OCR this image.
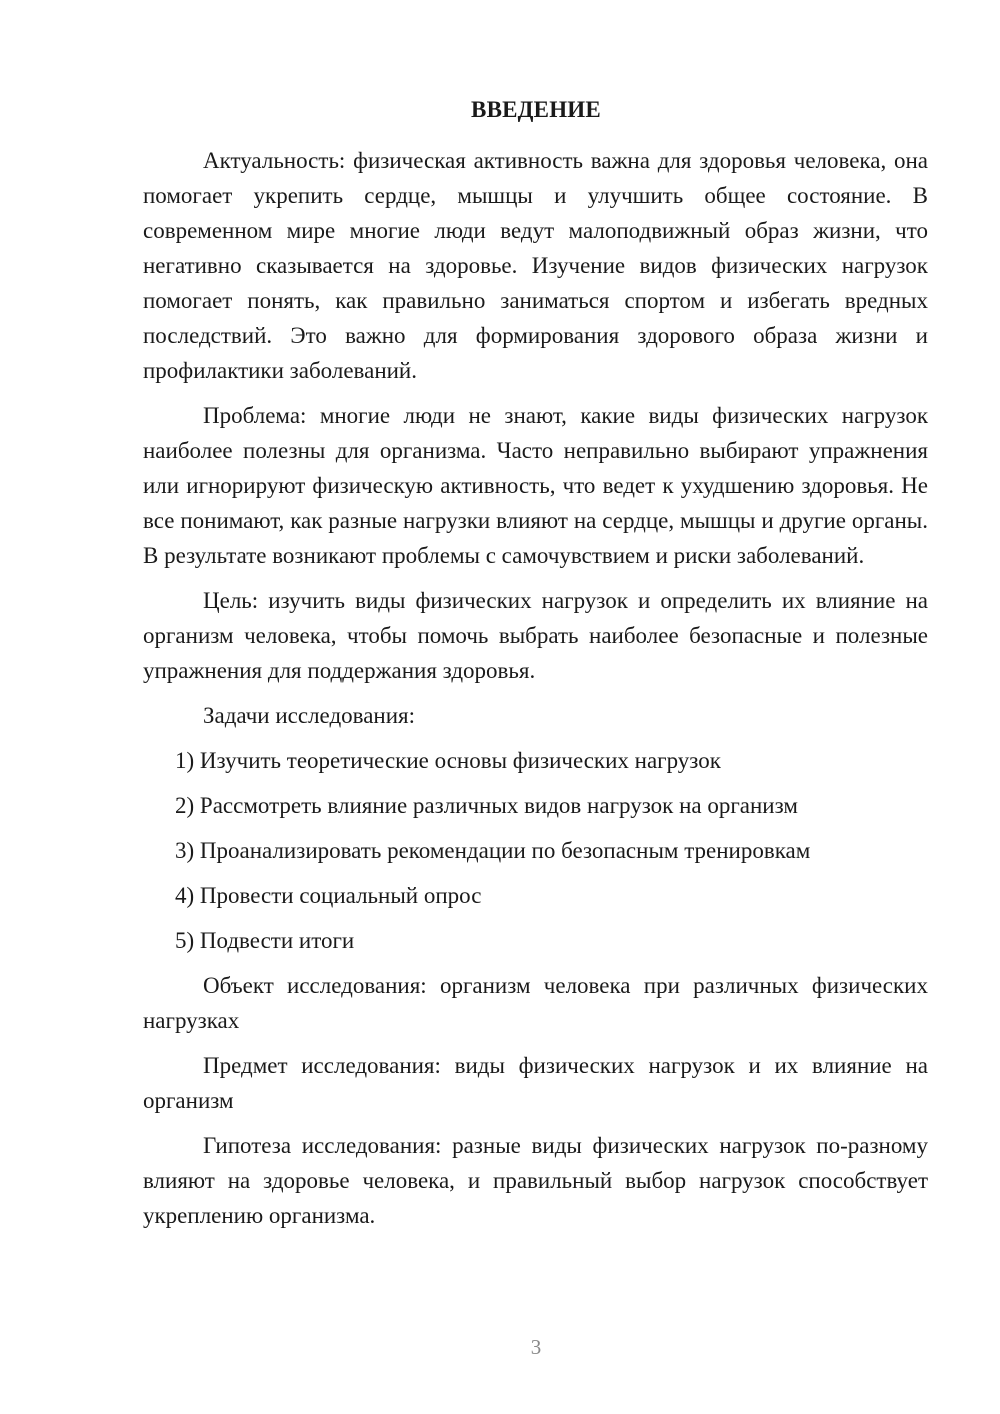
ВВЕДЕНИЕ

Актуальность: физическая активность важна для здоровья человека, она помогает укрепить сердце, мышцы и улучшить общее состояние. В современном мире многие люди ведут малоподвижный образ жизни, что негативно сказывается на здоровье. Изучение видов физических нагрузок помогает понять, как правильно заниматься спортом и избегать вредных последствий. Это важно для формирования здорового образа жизни и профилактики заболеваний.

Проблема: многие люди не знают, какие виды физических нагрузок наиболее полезны для организма. Часто неправильно выбирают упражнения или игнорируют физическую активность, что ведет к ухудшению здоровья. Не все понимают, как разные нагрузки влияют на сердце, мышцы и другие органы. В результате возникают проблемы с самочувствием и риски заболеваний.

Цель: изучить виды физических нагрузок и определить их влияние на организм человека, чтобы помочь выбрать наиболее безопасные и полезные упражнения для поддержания здоровья.

Задачи исследования:

1) Изучить теоретические основы физических нагрузок
2) Рассмотреть влияние различных видов нагрузок на организм
3) Проанализировать рекомендации по безопасным тренировкам
4) Провести социальный опрос
5) Подвести итоги

Объект исследования: организм человека при различных физических нагрузках

Предмет исследования: виды физических нагрузок и их влияние на организм

Гипотеза исследования: разные виды физических нагрузок по-разному влияют на здоровье человека, и правильный выбор нагрузок способствует укреплению организма.

3
